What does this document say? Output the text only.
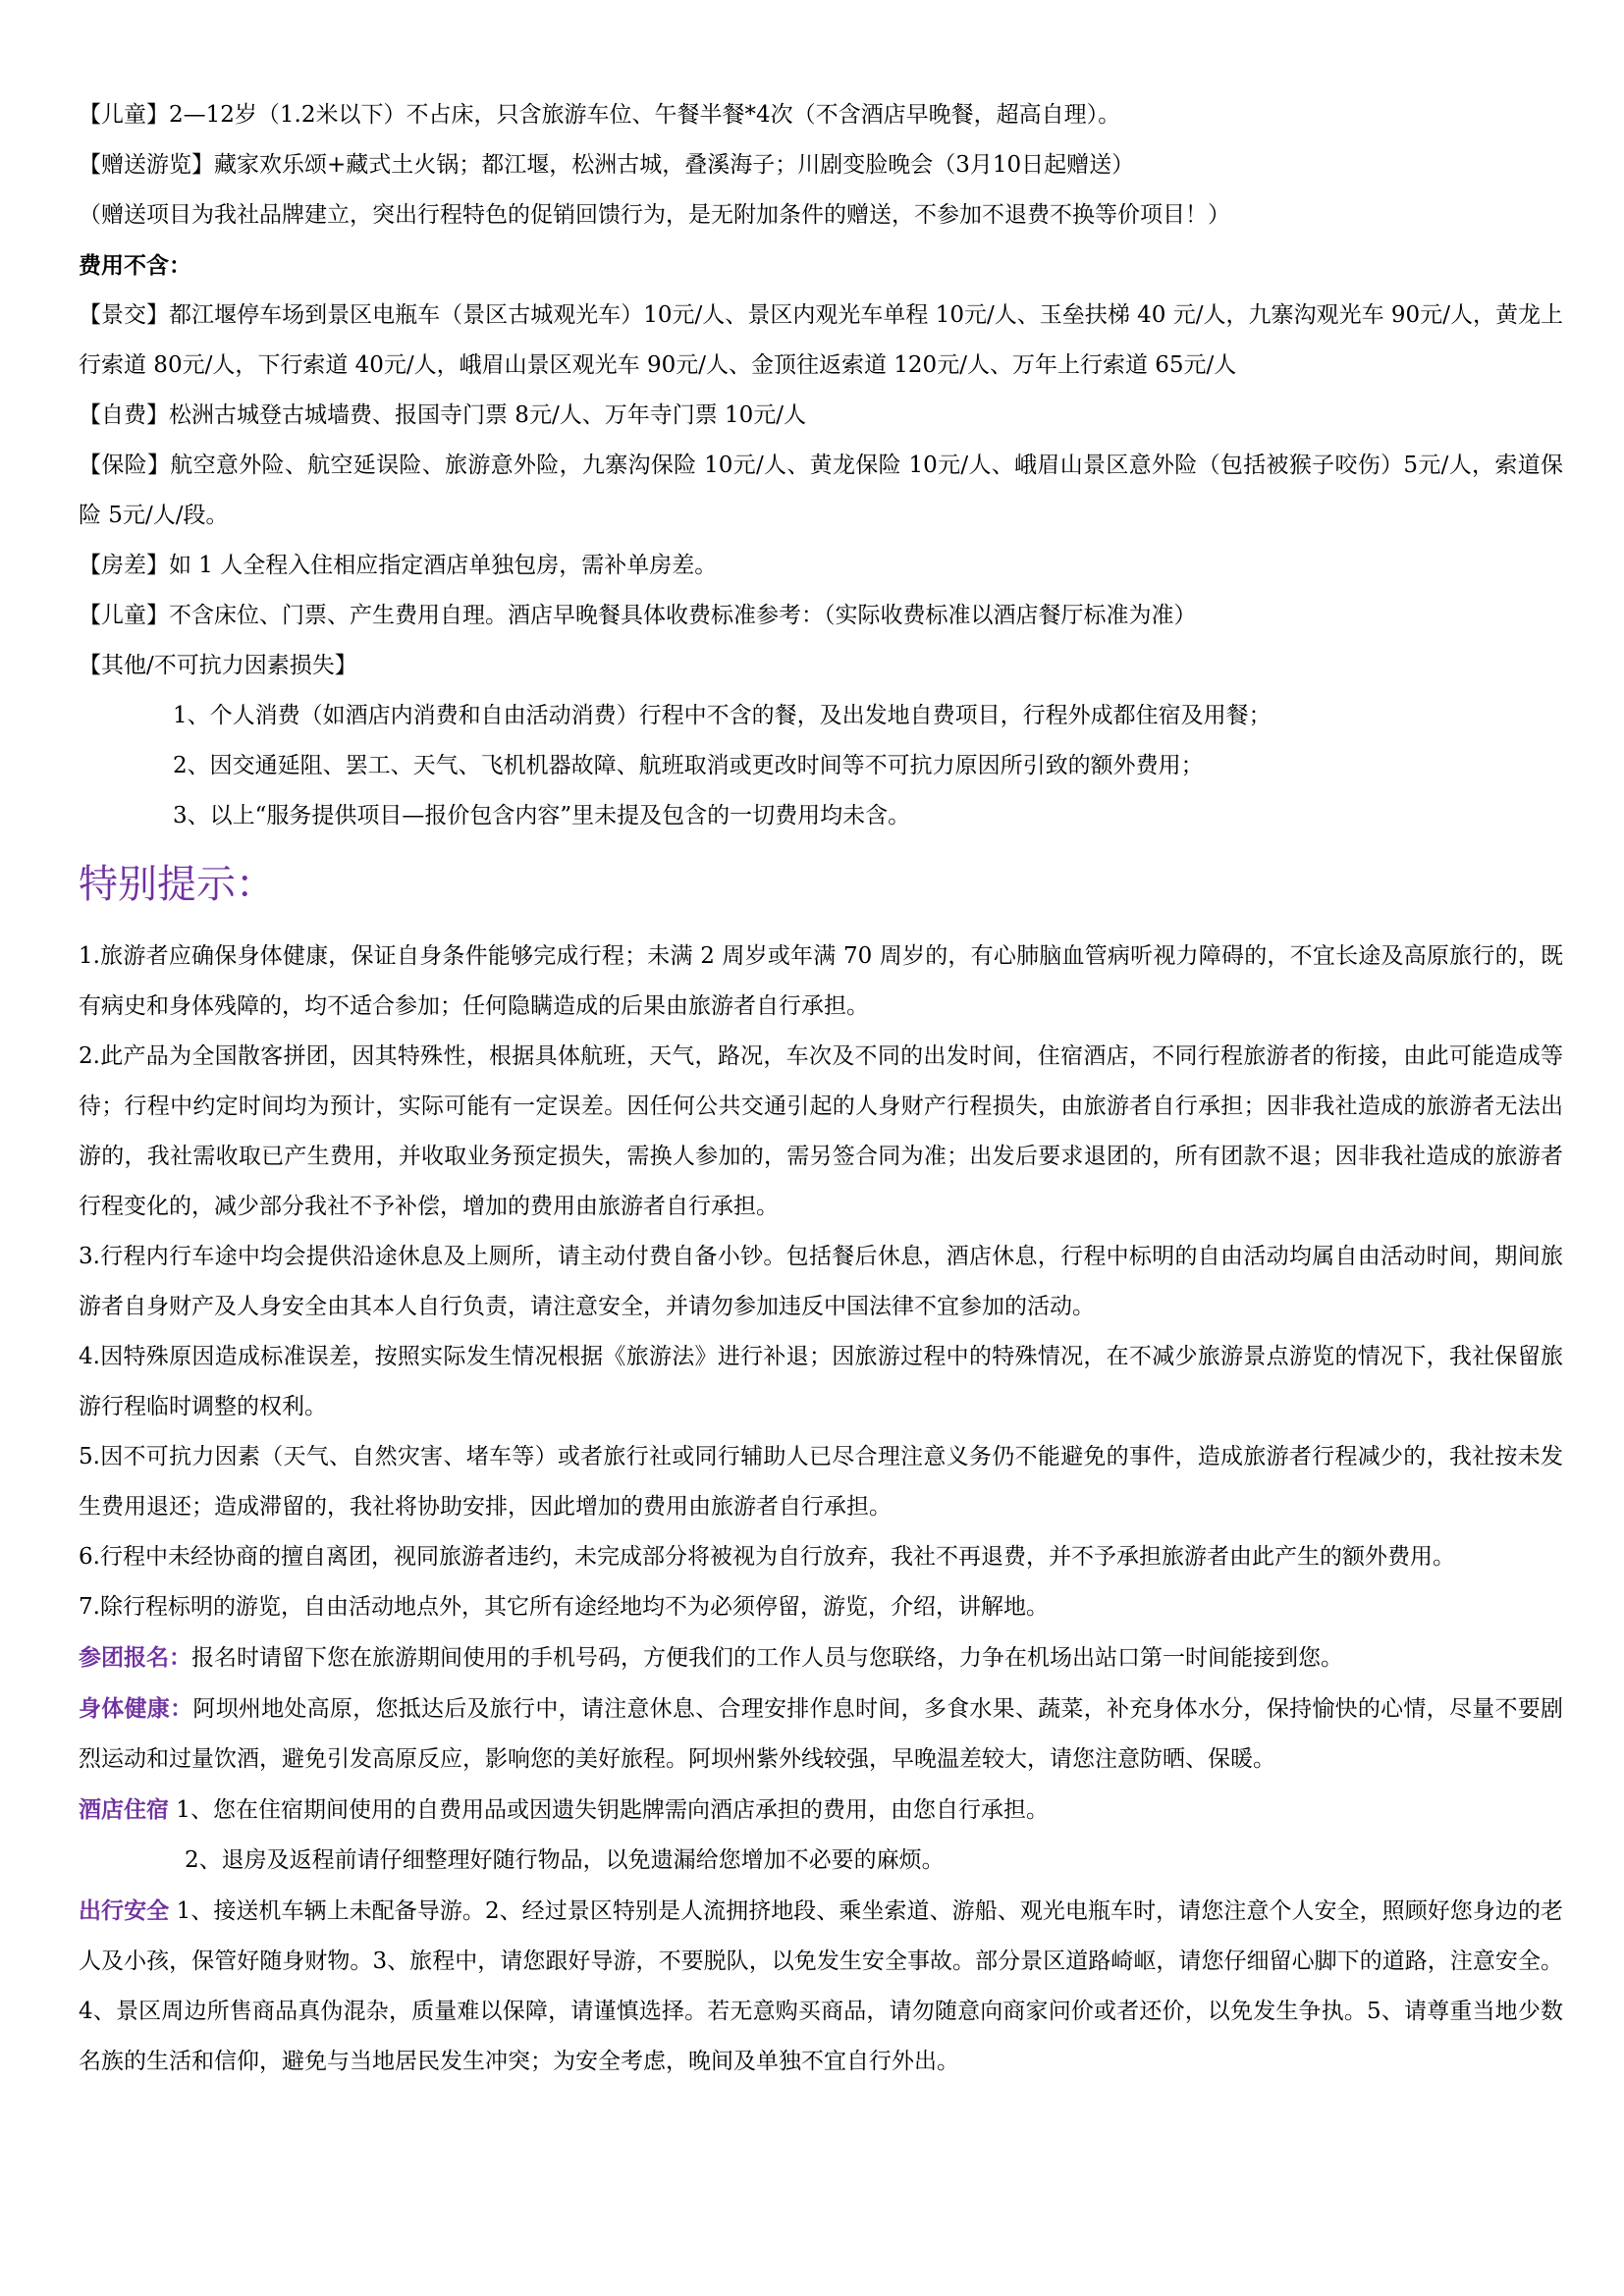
【儿童】2—12岁（1.2米以下）不占床，只含旅游车位、午餐半餐*4次（不含酒店早晚餐，超高自理）。

【赠送游览】藏家欢乐颂+藏式土火锅；都江堰，松洲古城，叠溪海子；川剧变脸晚会（3月10日起赠送）

（赠送项目为我社品牌建立，突出行程特色的促销回馈行为，是无附加条件的赠送，不参加不退费不换等价项目！）

费用不含：

【景交】都江堰停车场到景区电瓶车（景区古城观光车）10元/人、景区内观光车单程 10元/人、玉垒扶梯 40 元/人，九寨沟观光车 90元/人，黄龙上行索道 80元/人，下行索道 40元/人，峨眉山景区观光车 90元/人、金顶往返索道 120元/人、万年上行索道 65元/人

【自费】松洲古城登古城墙费、报国寺门票 8元/人、万年寺门票 10元/人

【保险】航空意外险、航空延误险、旅游意外险，九寨沟保险 10元/人、黄龙保险 10元/人、峨眉山景区意外险（包括被猴子咬伤）5元/人，索道保险 5元/人/段。

【房差】如 1 人全程入住相应指定酒店单独包房，需补单房差。

【儿童】不含床位、门票、产生费用自理。酒店早晚餐具体收费标准参考：（实际收费标准以酒店餐厅标准为准）

【其他/不可抗力因素损失】

1、个人消费（如酒店内消费和自由活动消费）行程中不含的餐，及出发地自费项目，行程外成都住宿及用餐；

2、因交通延阻、罢工、天气、飞机机器故障、航班取消或更改时间等不可抗力原因所引致的额外费用；

3、以上“服务提供项目—报价包含内容”里未提及包含的一切费用均未含。

特别提示：

1.旅游者应确保身体健康，保证自身条件能够完成行程；未满 2 周岁或年满 70 周岁的，有心肺脑血管病听视力障碍的，不宜长途及高原旅行的，既有病史和身体残障的，均不适合参加；任何隐瞒造成的后果由旅游者自行承担。

2.此产品为全国散客拼团，因其特殊性，根据具体航班，天气，路况，车次及不同的出发时间，住宿酒店，不同行程旅游者的衔接，由此可能造成等待；行程中约定时间均为预计，实际可能有一定误差。因任何公共交通引起的人身财产行程损失，由旅游者自行承担；因非我社造成的旅游者无法出游的，我社需收取已产生费用，并收取业务预定损失，需换人参加的，需另签合同为准；出发后要求退团的，所有团款不退；因非我社造成的旅游者行程变化的，减少部分我社不予补偿，增加的费用由旅游者自行承担。

3.行程内行车途中均会提供沿途休息及上厕所，请主动付费自备小钞。包括餐后休息，酒店休息，行程中标明的自由活动均属自由活动时间，期间旅游者自身财产及人身安全由其本人自行负责，请注意安全，并请勿参加违反中国法律不宜参加的活动。

4.因特殊原因造成标准误差，按照实际发生情况根据《旅游法》进行补退；因旅游过程中的特殊情况，在不减少旅游景点游览的情况下，我社保留旅游行程临时调整的权利。

5.因不可抗力因素（天气、自然灾害、堵车等）或者旅行社或同行辅助人已尽合理注意义务仍不能避免的事件，造成旅游者行程减少的，我社按未发生费用退还；造成滞留的，我社将协助安排，因此增加的费用由旅游者自行承担。

6.行程中未经协商的擅自离团，视同旅游者违约，未完成部分将被视为自行放弃，我社不再退费，并不予承担旅游者由此产生的额外费用。

7.除行程标明的游览，自由活动地点外，其它所有途经地均不为必须停留，游览，介绍，讲解地。

参团报名：报名时请留下您在旅游期间使用的手机号码，方便我们的工作人员与您联络，力争在机场出站口第一时间能接到您。

身体健康：阿坝州地处高原，您抵达后及旅行中，请注意休息、合理安排作息时间，多食水果、蔬菜，补充身体水分，保持愉快的心情，尽量不要剧烈运动和过量饮酒，避免引发高原反应，影响您的美好旅程。阿坝州紫外线较强，早晚温差较大，请您注意防晒、保暖。

酒店住宿 1、您在住宿期间使用的自费用品或因遗失钥匙牌需向酒店承担的费用，由您自行承担。

2、退房及返程前请仔细整理好随行物品，以免遗漏给您增加不必要的麻烦。

出行安全 1、接送机车辆上未配备导游。2、经过景区特别是人流拥挤地段、乘坐索道、游船、观光电瓶车时，请您注意个人安全，照顾好您身边的老人及小孩，保管好随身财物。3、旅程中，请您跟好导游，不要脱队，以免发生安全事故。部分景区道路崎岖，请您仔细留心脚下的道路，注意安全。4、景区周边所售商品真伪混杂，质量难以保障，请谨慎选择。若无意购买商品，请勿随意向商家问价或者还价，以免发生争执。5、请尊重当地少数名族的生活和信仰，避免与当地居民发生冲突；为安全考虑，晚间及单独不宜自行外出。
